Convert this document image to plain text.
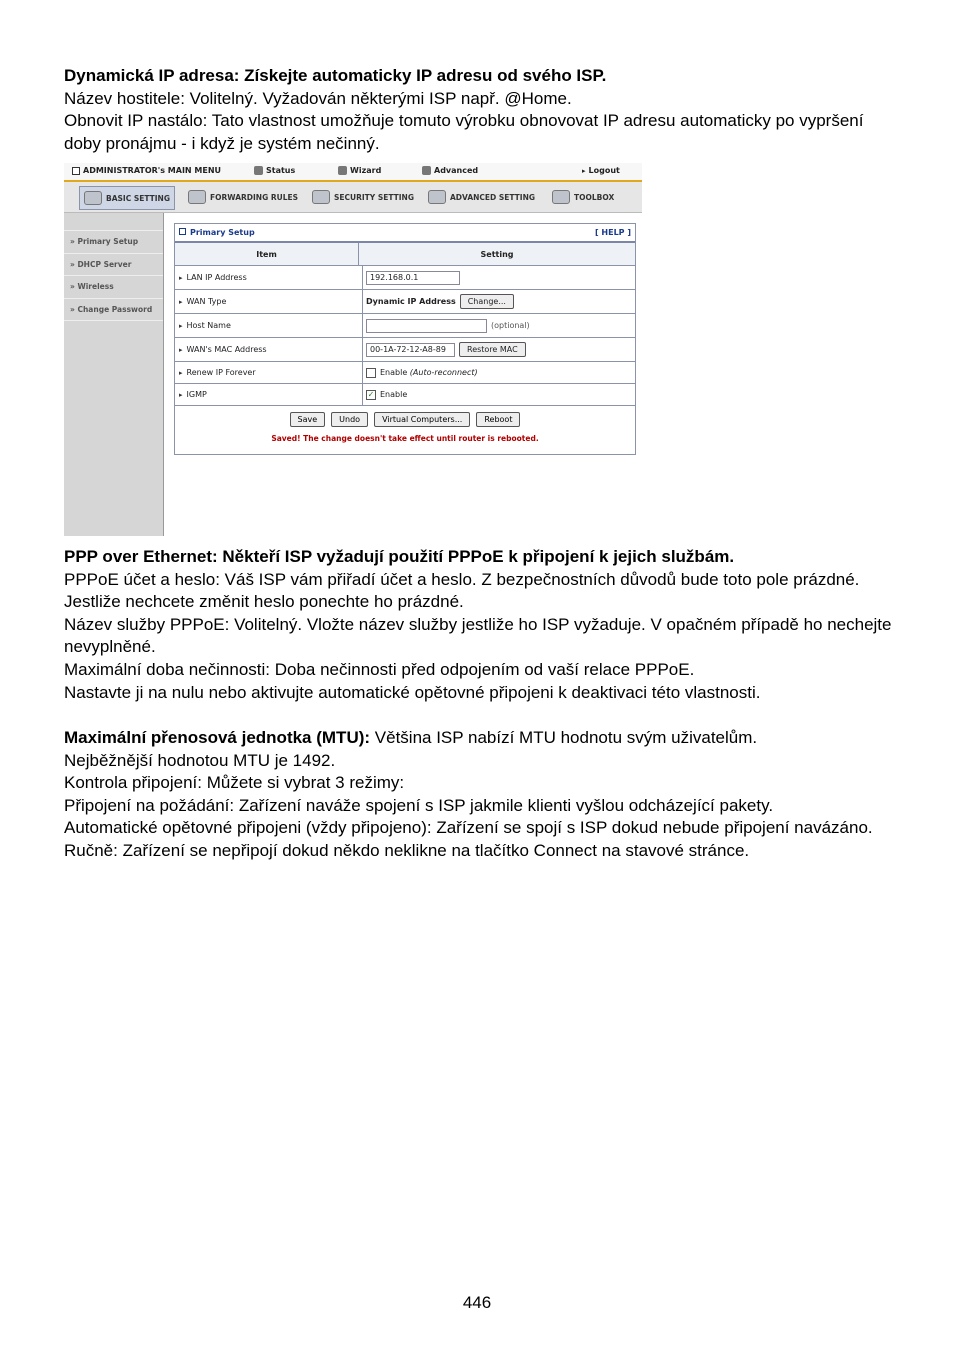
Dynamická IP adresa: Získejte automaticky IP adresu od svého ISP.
Název hostitele: Volitelný. Vyžadován některými ISP např. @Home.
Obnovit IP nastálo: Tato vlastnost umožňuje tomuto výrobku obnovovat IP adresu automaticky po vypršení doby pronájmu - i když je systém nečinný.
ADMINISTRATOR's MAIN MENU	Status	Wizard	Advanced	▸ Logout
BASIC SETTING	FORWARDING RULES	SECURITY SETTING	ADVANCED SETTING	TOOLBOX
» Primary Setup
» DHCP Server
» Wireless
» Change Password
Primary Setup	[ HELP ]
Item	Setting
▸ LAN IP Address	192.168.0.1
▸ WAN Type	Dynamic IP Address	Change...
▸ Host Name	(optional)
▸ WAN's MAC Address	00-1A-72-12-A8-89	Restore MAC
▸ Renew IP Forever	Enable (Auto-reconnect)
▸ IGMP	✓ Enable
Save	Undo	Virtual Computers...	Reboot
Saved! The change doesn't take effect until router is rebooted.
PPP over Ethernet: Někteří ISP vyžadují použití PPPoE k připojení k jejich službám.
PPPoE účet a heslo: Váš ISP vám přiřadí účet a heslo. Z bezpečnostních důvodů bude toto pole prázdné. Jestliže nechcete změnit heslo ponechte ho prázdné.
Název služby PPPoE: Volitelný. Vložte název služby jestliže ho ISP vyžaduje. V opačném případě ho nechejte nevyplněné.
Maximální doba nečinnosti: Doba nečinnosti před odpojením od vaší relace PPPoE.
Nastavte ji na nulu nebo aktivujte automatické opětovné připojeni k deaktivaci této vlastnosti.
Maximální přenosová jednotka (MTU): Většina ISP nabízí MTU hodnotu svým uživatelům.
Nejběžnější hodnotou MTU je 1492.
Kontrola připojení: Můžete si vybrat 3 režimy:
Připojení na požádání: Zařízení naváže spojení s ISP jakmile klienti vyšlou odcházející pakety.
Automatické opětovné připojeni (vždy připojeno): Zařízení se spojí s ISP dokud nebude připojení navázáno.
Ručně: Zařízení se nepřipojí dokud někdo neklikne na tlačítko Connect na stavové stránce.
446
